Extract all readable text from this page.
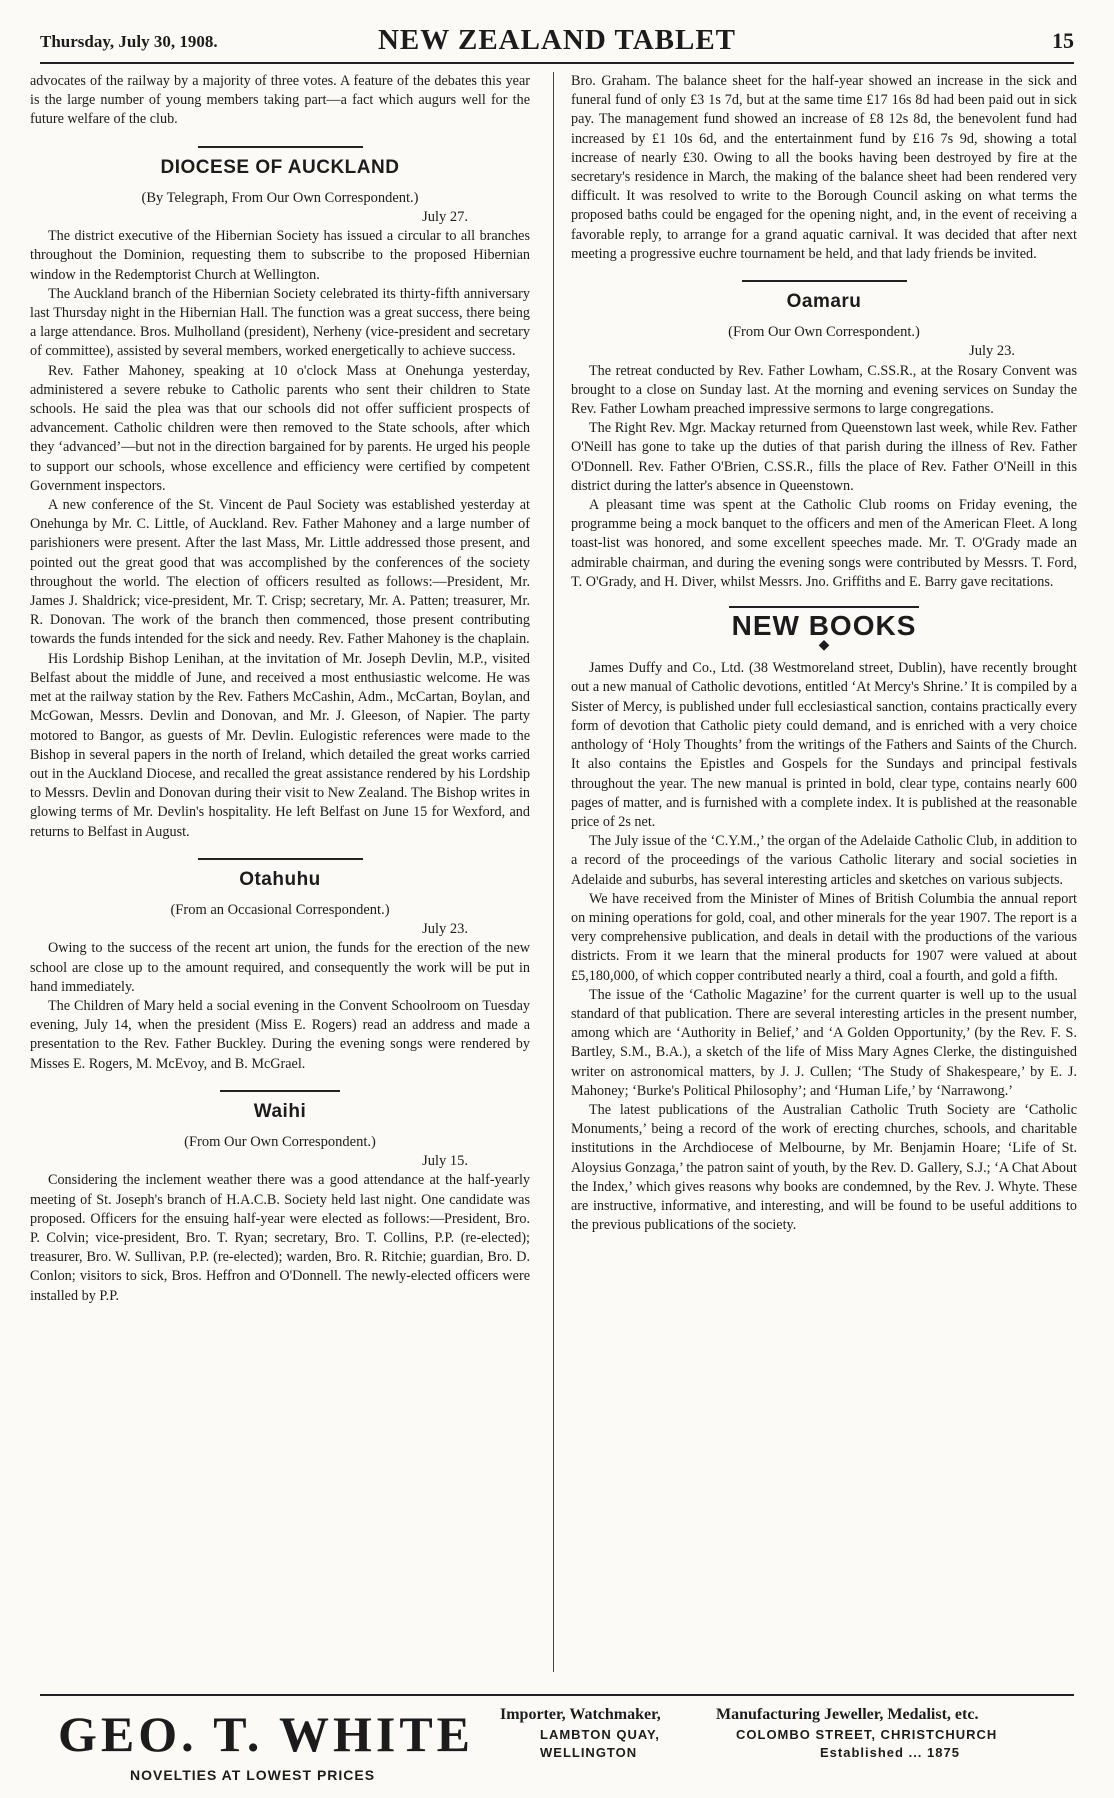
Thursday, July 30, 1908.	NEW ZEALAND TABLET	15

advocates of the railway by a majority of three votes. A feature of the debates this year is the large number of young members taking part—a fact which augurs well for the future welfare of the club.

DIOCESE OF AUCKLAND
(By Telegraph, From Our Own Correspondent.)
July 27.

The district executive of the Hibernian Society has issued a circular to all branches throughout the Dominion, requesting them to subscribe to the proposed Hibernian window in the Redemptorist Church at Wellington.

The Auckland branch of the Hibernian Society celebrated its thirty-fifth anniversary last Thursday night in the Hibernian Hall. The function was a great success, there being a large attendance. Bros. Mulholland (president), Nerheny (vice-president and secretary of committee), assisted by several members, worked energetically to achieve success.

Rev. Father Mahoney, speaking at 10 o'clock Mass at Onehunga yesterday, administered a severe rebuke to Catholic parents who sent their children to State schools. He said the plea was that our schools did not offer sufficient prospects of advancement. Catholic children were then removed to the State schools, after which they ‘advanced’—but not in the direction bargained for by parents. He urged his people to support our schools, whose excellence and efficiency were certified by competent Government inspectors.

A new conference of the St. Vincent de Paul Society was established yesterday at Onehunga by Mr. C. Little, of Auckland. Rev. Father Mahoney and a large number of parishioners were present. After the last Mass, Mr. Little addressed those present, and pointed out the great good that was accomplished by the conferences of the society throughout the world. The election of officers resulted as follows:—President, Mr. James J. Shaldrick; vice-president, Mr. T. Crisp; secretary, Mr. A. Patten; treasurer, Mr. R. Donovan. The work of the branch then commenced, those present contributing towards the funds intended for the sick and needy. Rev. Father Mahoney is the chaplain.

His Lordship Bishop Lenihan, at the invitation of Mr. Joseph Devlin, M.P., visited Belfast about the middle of June, and received a most enthusiastic welcome. He was met at the railway station by the Rev. Fathers McCashin, Adm., McCartan, Boylan, and McGowan, Messrs. Devlin and Donovan, and Mr. J. Gleeson, of Napier. The party motored to Bangor, as guests of Mr. Devlin. Eulogistic references were made to the Bishop in several papers in the north of Ireland, which detailed the great works carried out in the Auckland Diocese, and recalled the great assistance rendered by his Lordship to Messrs. Devlin and Donovan during their visit to New Zealand. The Bishop writes in glowing terms of Mr. Devlin's hospitality. He left Belfast on June 15 for Wexford, and returns to Belfast in August.

Otahuhu
(From an Occasional Correspondent.)
July 23.

Owing to the success of the recent art union, the funds for the erection of the new school are close up to the amount required, and consequently the work will be put in hand immediately.

The Children of Mary held a social evening in the Convent Schoolroom on Tuesday evening, July 14, when the president (Miss E. Rogers) read an address and made a presentation to the Rev. Father Buckley. During the evening songs were rendered by Misses E. Rogers, M. McEvoy, and B. McGrael.

Waihi
(From Our Own Correspondent.)
July 15.

Considering the inclement weather there was a good attendance at the half-yearly meeting of St. Joseph's branch of H.A.C.B. Society held last night. One candidate was proposed. Officers for the ensuing half-year were elected as follows:—President, Bro. P. Colvin; vice-president, Bro. T. Ryan; secretary, Bro. T. Collins, P.P. (re-elected); treasurer, Bro. W. Sullivan, P.P. (re-elected); warden, Bro. R. Ritchie; guardian, Bro. D. Conlon; visitors to sick, Bros. Heffron and O'Donnell. The newly-elected officers were installed by P.P.

Bro. Graham. The balance sheet for the half-year showed an increase in the sick and funeral fund of only £3 1s 7d, but at the same time £17 16s 8d had been paid out in sick pay. The management fund showed an increase of £8 12s 8d, the benevolent fund had increased by £1 10s 6d, and the entertainment fund by £16 7s 9d, showing a total increase of nearly £30. Owing to all the books having been destroyed by fire at the secretary's residence in March, the making of the balance sheet had been rendered very difficult. It was resolved to write to the Borough Council asking on what terms the proposed baths could be engaged for the opening night, and, in the event of receiving a favorable reply, to arrange for a grand aquatic carnival. It was decided that after next meeting a progressive euchre tournament be held, and that lady friends be invited.

Oamaru
(From Our Own Correspondent.)
July 23.

The retreat conducted by Rev. Father Lowham, C.SS.R., at the Rosary Convent was brought to a close on Sunday last. At the morning and evening services on Sunday the Rev. Father Lowham preached impressive sermons to large congregations.

The Right Rev. Mgr. Mackay returned from Queenstown last week, while Rev. Father O'Neill has gone to take up the duties of that parish during the illness of Rev. Father O'Donnell. Rev. Father O'Brien, C.SS.R., fills the place of Rev. Father O'Neill in this district during the latter's absence in Queenstown.

A pleasant time was spent at the Catholic Club rooms on Friday evening, the programme being a mock banquet to the officers and men of the American Fleet. A long toast-list was honored, and some excellent speeches made. Mr. T. O'Grady made an admirable chairman, and during the evening songs were contributed by Messrs. T. Ford, T. O'Grady, and H. Diver, whilst Messrs. Jno. Griffiths and E. Barry gave recitations.

NEW BOOKS
◆

James Duffy and Co., Ltd. (38 Westmoreland street, Dublin), have recently brought out a new manual of Catholic devotions, entitled ‘At Mercy's Shrine.’ It is compiled by a Sister of Mercy, is published under full ecclesiastical sanction, contains practically every form of devotion that Catholic piety could demand, and is enriched with a very choice anthology of ‘Holy Thoughts’ from the writings of the Fathers and Saints of the Church. It also contains the Epistles and Gospels for the Sundays and principal festivals throughout the year. The new manual is printed in bold, clear type, contains nearly 600 pages of matter, and is furnished with a complete index. It is published at the reasonable price of 2s net.

The July issue of the ‘C.Y.M.,’ the organ of the Adelaide Catholic Club, in addition to a record of the proceedings of the various Catholic literary and social societies in Adelaide and suburbs, has several interesting articles and sketches on various subjects.

We have received from the Minister of Mines of British Columbia the annual report on mining operations for gold, coal, and other minerals for the year 1907. The report is a very comprehensive publication, and deals in detail with the productions of the various districts. From it we learn that the mineral products for 1907 were valued at about £5,180,000, of which copper contributed nearly a third, coal a fourth, and gold a fifth.

The issue of the ‘Catholic Magazine’ for the current quarter is well up to the usual standard of that publication. There are several interesting articles in the present number, among which are ‘Authority in Belief,’ and ‘A Golden Opportunity,’ (by the Rev. F. S. Bartley, S.M., B.A.), a sketch of the life of Miss Mary Agnes Clerke, the distinguished writer on astronomical matters, by J. J. Cullen; ‘The Study of Shakespeare,’ by E. J. Mahoney; ‘Burke's Political Philosophy’; and ‘Human Life,’ by ‘Narrawong.’

The latest publications of the Australian Catholic Truth Society are ‘Catholic Monuments,’ being a record of the work of erecting churches, schools, and charitable institutions in the Archdiocese of Melbourne, by Mr. Benjamin Hoare; ‘Life of St. Aloysius Gonzaga,’ the patron saint of youth, by the Rev. D. Gallery, S.J.; ‘A Chat About the Index,’ which gives reasons why books are condemned, by the Rev. J. Whyte. These are instructive, informative, and interesting, and will be found to be useful additions to the previous publications of the society.

GEO. T. WHITE
NOVELTIES AT LOWEST PRICES
Importer, Watchmaker,
LAMBTON QUAY,
WELLINGTON
Manufacturing Jeweller, Medalist, etc.
COLOMBO STREET, CHRISTCHURCH
Established ... 1875
